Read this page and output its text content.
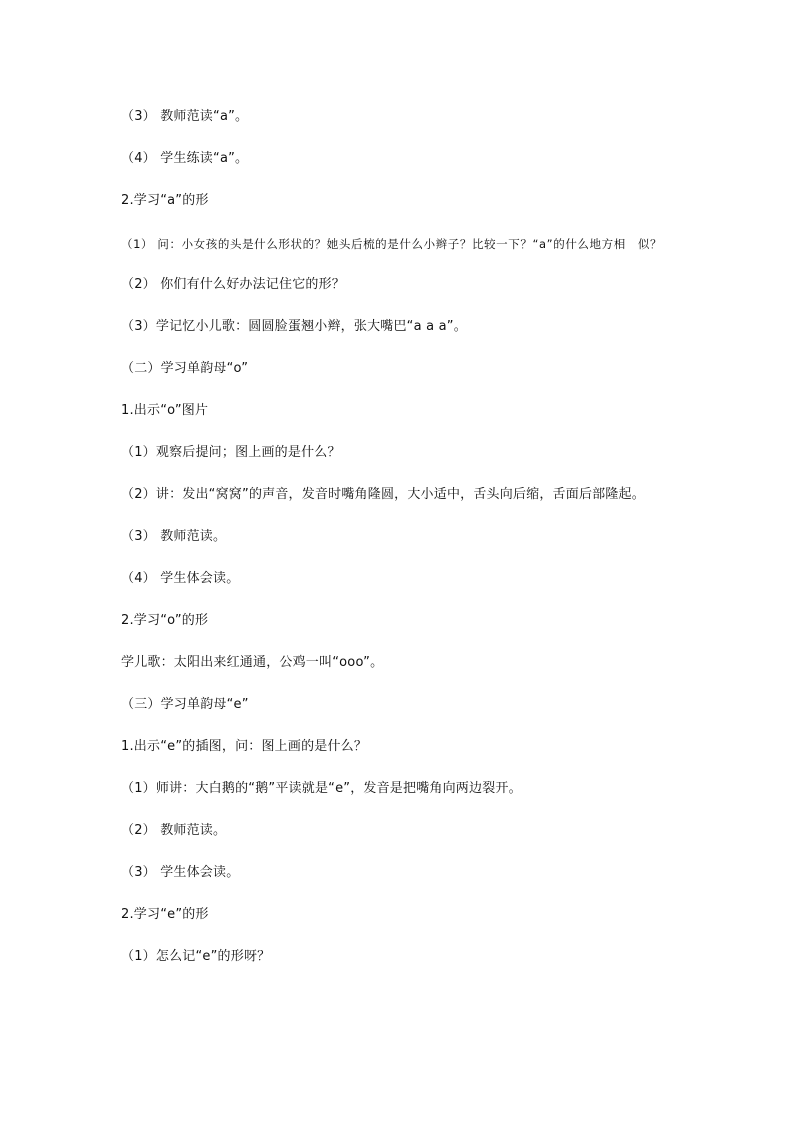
（3） 教师范读“a”。
（4） 学生练读“a”。
2.学习“a”的形
（1） 问：小女孩的头是什么形状的？她头后梳的是什么小辫子？比较一下？“a”的什么地方相　似？
（2） 你们有什么好办法记住它的形？
（3）学记忆小儿歌：圆圆脸蛋翘小辫，张大嘴巴“a a a”。
（二）学习单韵母“o”
1.出示“o”图片
（1）观察后提问；图上画的是什么？
（2）讲：发出“窝窝”的声音，发音时嘴角隆圆，大小适中，舌头向后缩，舌面后部隆起。
（3） 教师范读。
（4） 学生体会读。
2.学习“o”的形
学儿歌：太阳出来红通通，公鸡一叫“ooo”。
（三）学习单韵母“e”
1.出示“e”的插图，问：图上画的是什么？
（1）师讲：大白鹅的“鹅”平读就是“e”，发音是把嘴角向两边裂开。
（2） 教师范读。
（3） 学生体会读。
2.学习“e”的形
（1）怎么记“e”的形呀？
